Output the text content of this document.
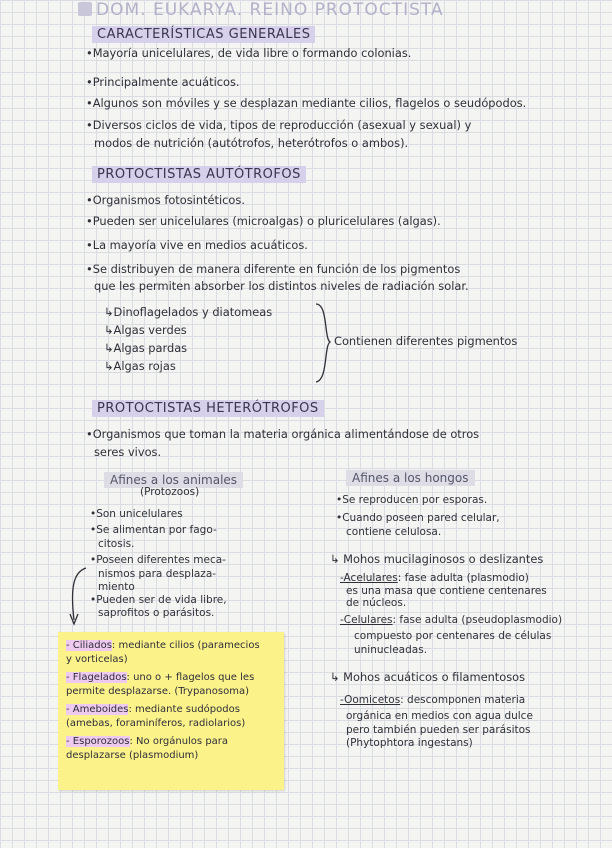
DOM. EUKARYA. REINO PROTOCTISTA
CARACTERÍSTICAS GENERALES
•Mayoría unicelulares, de vida libre o formando colonias.
•Principalmente acuáticos.
•Algunos son móviles y se desplazan mediante cilios, flagelos o seudópodos.
•Diversos ciclos de vida, tipos de reproducción (asexual y sexual) y
modos de nutrición (autótrofos, heterótrofos o ambos).
PROTOCTISTAS AUTÓTROFOS
•Organismos fotosintéticos.
•Pueden ser unicelulares (microalgas) o pluricelulares (algas).
•La mayoría vive en medios acuáticos.
•Se distribuyen de manera diferente en función de los pigmentos
que les permiten absorber los distintos niveles de radiación solar.
↳Dinoflagelados y diatomeas
↳Algas verdes
↳Algas pardas
↳Algas rojas
Contienen diferentes pigmentos
PROTOCTISTAS HETERÓTROFOS
•Organismos que toman la materia orgánica alimentándose de otros
seres vivos.
Afines a los animales
(Protozoos)
•Son unicelulares
•Se alimentan por fago-
citosis.
•Poseen diferentes meca-
nismos para desplaza-
miento
•Pueden ser de vida libre,
saprofitos o parásitos.
- Ciliados: mediante cilios (paramecios
y vorticelas)
- Flagelados: uno o + flagelos que les
permite desplazarse. (Trypanosoma)
- Ameboides: mediante sudópodos
(amebas, foraminíferos, radiolarios)
- Esporozoos: No orgánulos para
desplazarse (plasmodium)
Afines a los hongos
•Se reproducen por esporas.
•Cuando poseen pared celular,
contiene celulosa.
↳ Mohos mucilaginosos o deslizantes
-Acelulares: fase adulta (plasmodio)
es una masa que contiene centenares
de núcleos.
-Celulares: fase adulta (pseudoplasmodio)
compuesto por centenares de células
uninucleadas.
↳ Mohos acuáticos o filamentosos
-Oomicetos: descomponen materia
orgánica en medios con agua dulce
pero también pueden ser parásitos
(Phytophtora ingestans)
